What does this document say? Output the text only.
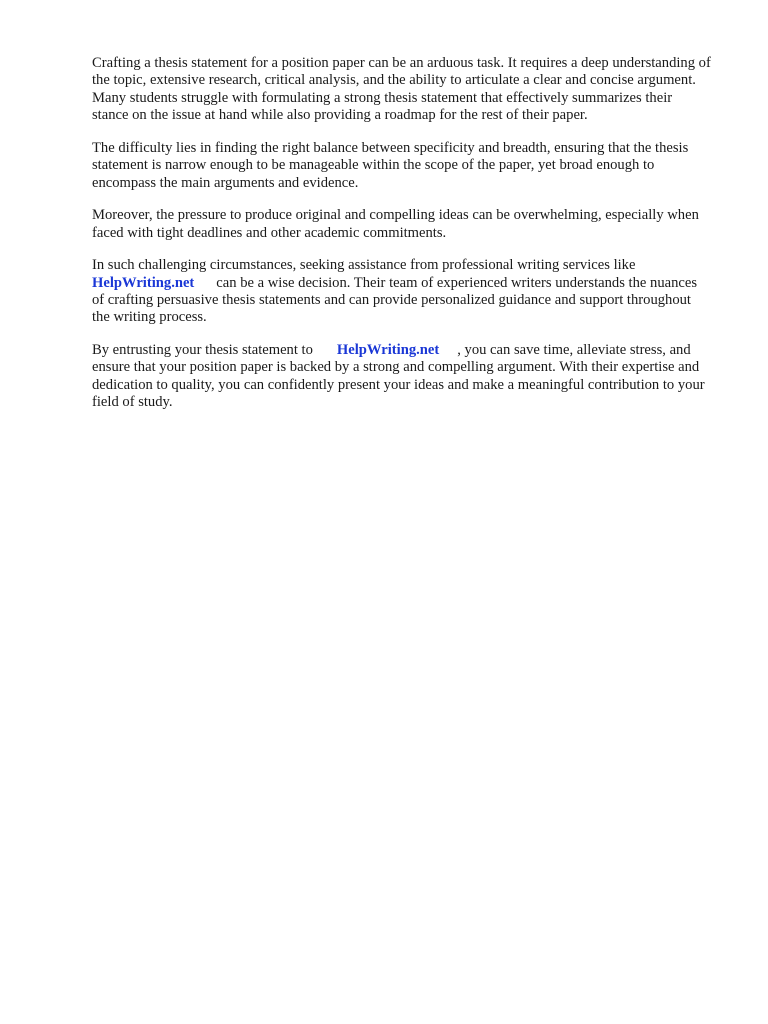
Crafting a thesis statement for a position paper can be an arduous task. It requires a deep understanding of the topic, extensive research, critical analysis, and the ability to articulate a clear and concise argument. Many students struggle with formulating a strong thesis statement that effectively summarizes their stance on the issue at hand while also providing a roadmap for the rest of their paper.

The difficulty lies in finding the right balance between specificity and breadth, ensuring that the thesis statement is narrow enough to be manageable within the scope of the paper, yet broad enough to encompass the main arguments and evidence.

Moreover, the pressure to produce original and compelling ideas can be overwhelming, especially when faced with tight deadlines and other academic commitments.

In such challenging circumstances, seeking assistance from professional writing services like HelpWriting.net can be a wise decision. Their team of experienced writers understands the nuances of crafting persuasive thesis statements and can provide personalized guidance and support throughout the writing process.

By entrusting your thesis statement to HelpWriting.net , you can save time, alleviate stress, and ensure that your position paper is backed by a strong and compelling argument. With their expertise and dedication to quality, you can confidently present your ideas and make a meaningful contribution to your field of study.
